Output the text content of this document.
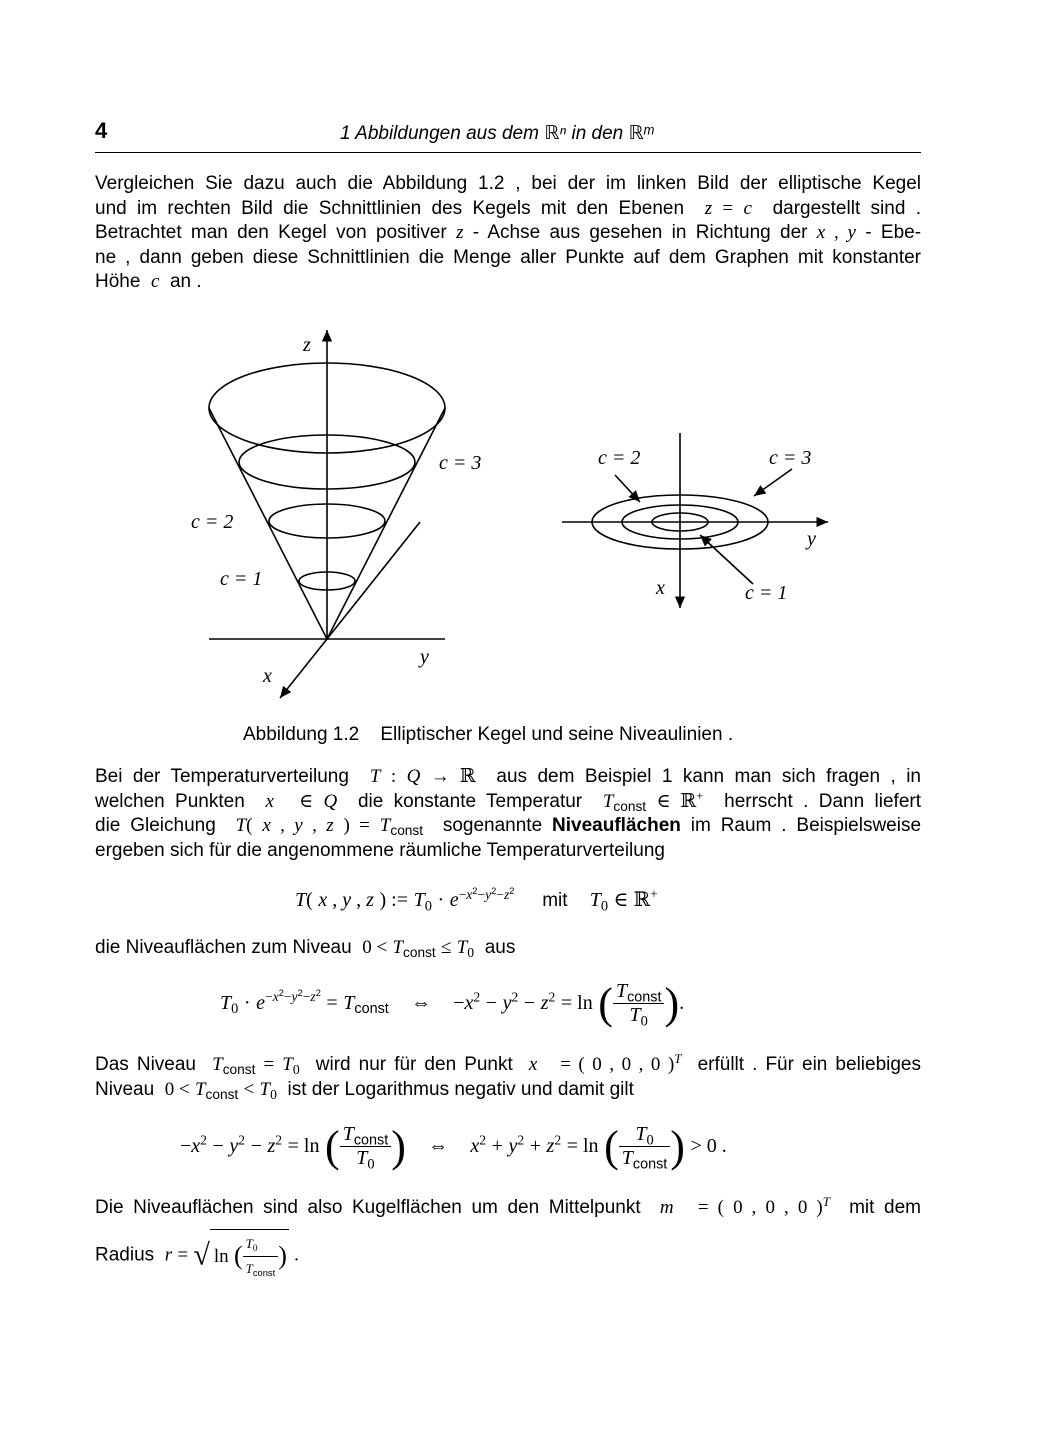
4	1 Abbildungen aus dem ℝⁿ in den ℝᵐ
Vergleichen Sie dazu auch die Abbildung 1.2 , bei der im linken Bild der elliptische Kegel
und im rechten Bild die Schnittlinien des Kegels mit den Ebenen z = c dargestellt sind .
Betrachtet man den Kegel von positiver z - Achse aus gesehen in Richtung der x , y - Ebe-
ne , dann geben diese Schnittlinien die Menge aller Punkte auf dem Graphen mit konstanter
Höhe c an .
Abbildung 1.2 Elliptischer Kegel und seine Niveaulinien .
Bei der Temperaturverteilung T : Q → ℝ aus dem Beispiel 1 kann man sich fragen , in
welchen Punkten x⃗ ∈ Q die konstante Temperatur $T_{const}$ ∈ ℝ+ herrscht . Dann liefert
die Gleichung T( x , y , z ) = $T_{const}$ sogenannte Niveauflächen im Raum . Beispielsweise
ergeben sich für die angenommene räumliche Temperaturverteilung
T( x , y , z ) := $T_0 \cdot e^{-x^2-y^2-z^2}$ mit $T_0$ ∈ ℝ+
die Niveauflächen zum Niveau $0 < T_{const} \le T_0$ aus
$T_0 \cdot e^{-x^2-y^2-z^2} = T_{const}$ ⇔ $-x^2 - y^2 - z^2 = \ln$ ( $\frac{T_{const}}{T_0}$ ).
Das Niveau $T_{const} = T_0$ wird nur für den Punkt x⃗ = ( 0 , 0 , 0 )$^T$ erfüllt . Für ein beliebiges
Niveau $0 < T_{const} < T_0$ ist der Logarithmus negativ und damit gilt
$-x^2 - y^2 - z^2 = \ln$ ( $\frac{T_{const}}{T_0}$ ) ⇔ $x^2 + y^2 + z^2 = \ln$ ( $\frac{T_0}{T_{const}}$ ) > 0 .
Die Niveauflächen sind also Kugelflächen um den Mittelpunkt m⃗ = ( 0 , 0 , 0 )$^T$ mit dem
Radius r = √ ln ( $\frac{T_0}{T_{const}}$ ) .
z
c = 3
c = 2
c = 1
y
x
c = 2	c = 3
y
x	c = 1
